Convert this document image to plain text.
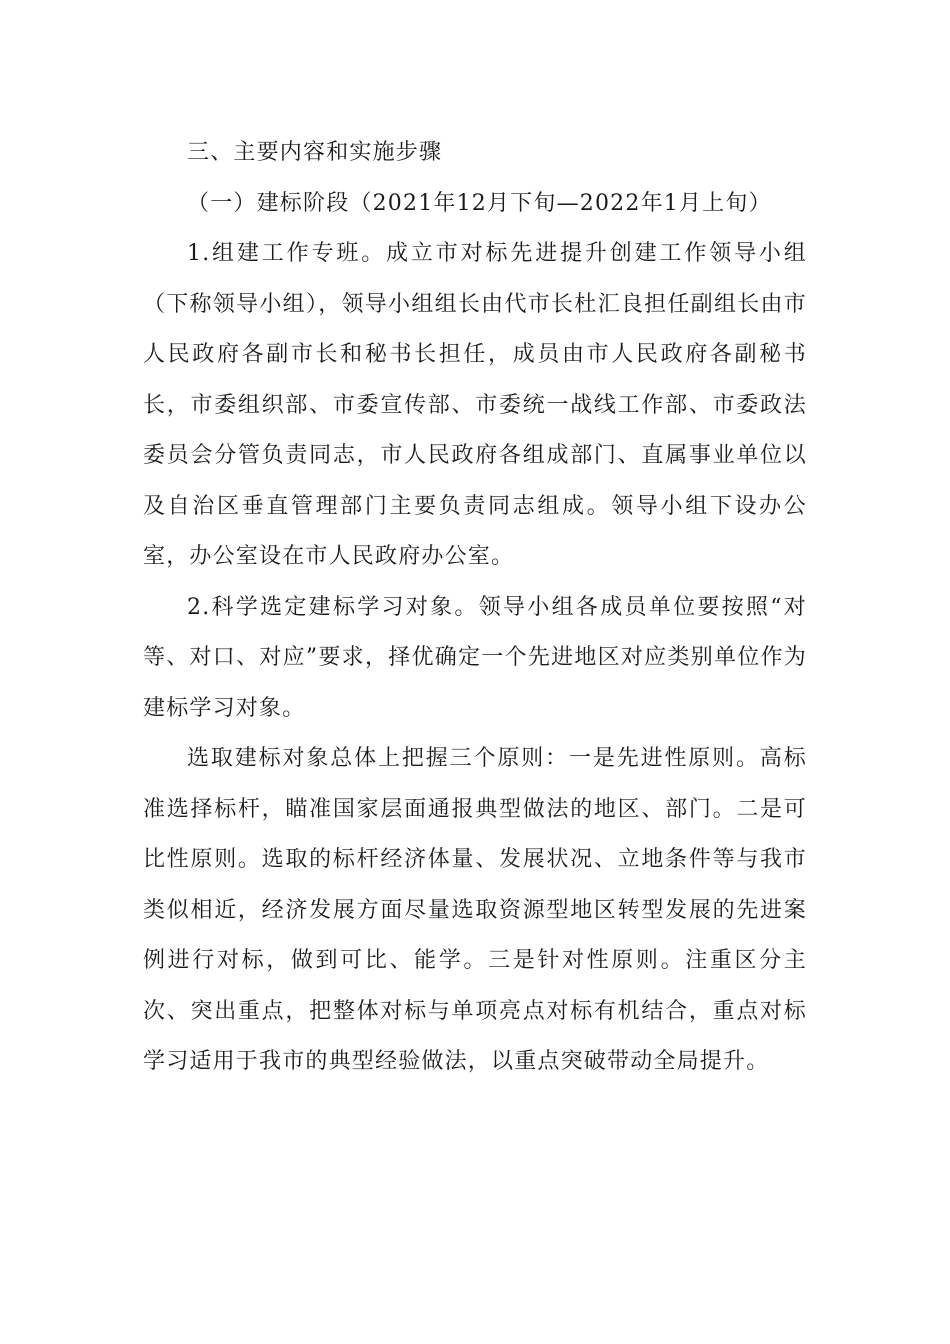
三、主要内容和实施步骤

（一）建标阶段（2021年12月下旬—2022年1月上旬）

1.组建工作专班。成立市对标先进提升创建工作领导小组（下称领导小组），领导小组组长由代市长杜汇良担任副组长由市人民政府各副市长和秘书长担任，成员由市人民政府各副秘书长，市委组织部、市委宣传部、市委统一战线工作部、市委政法委员会分管负责同志，市人民政府各组成部门、直属事业单位以及自治区垂直管理部门主要负责同志组成。领导小组下设办公室，办公室设在市人民政府办公室。

2.科学选定建标学习对象。领导小组各成员单位要按照“对等、对口、对应”要求，择优确定一个先进地区对应类别单位作为建标学习对象。

选取建标对象总体上把握三个原则：一是先进性原则。高标准选择标杆，瞄准国家层面通报典型做法的地区、部门。二是可比性原则。选取的标杆经济体量、发展状况、立地条件等与我市类似相近，经济发展方面尽量选取资源型地区转型发展的先进案例进行对标，做到可比、能学。三是针对性原则。注重区分主次、突出重点，把整体对标与单项亮点对标有机结合，重点对标学习适用于我市的典型经验做法，以重点突破带动全局提升。
